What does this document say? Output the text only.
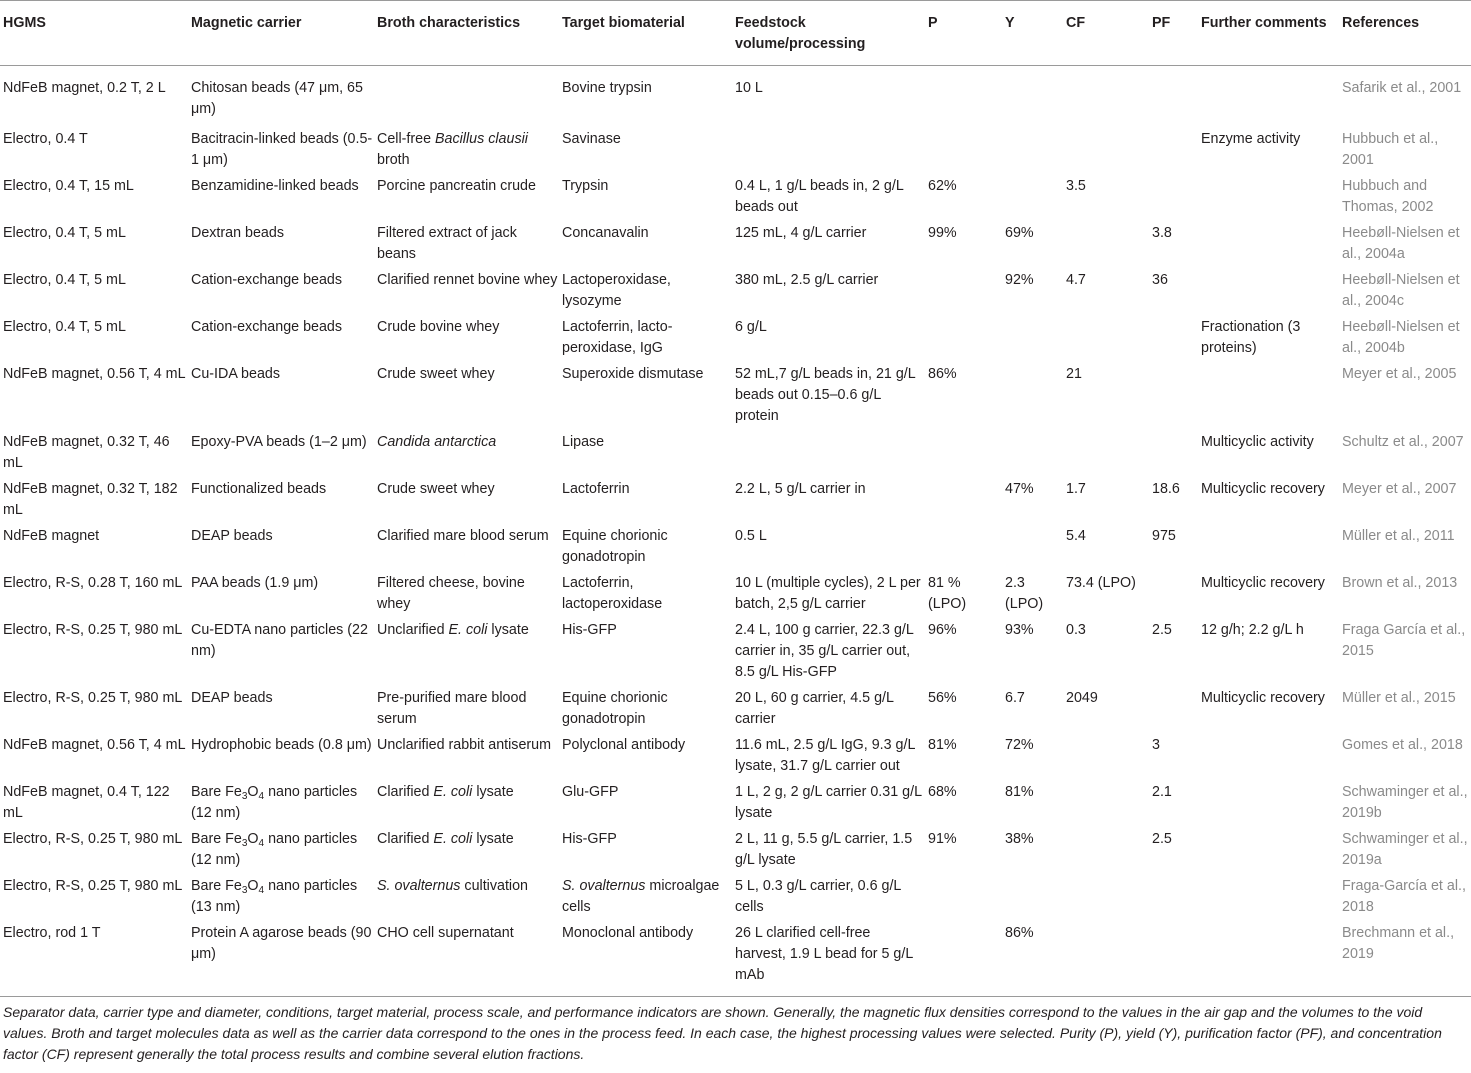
HGMS	Magnetic carrier	Broth characteristics	Target biomaterial	Feedstock volume/processing	P	Y	CF	PF	Further comments	References
NdFeB magnet, 0.2 T, 2 L	Chitosan beads (47 μm, 65 μm)		Bovine trypsin	10 L						Safarik et al., 2001
Electro, 0.4 T	Bacitracin-linked beads (0.5-1 μm)	Cell-free Bacillus clausii broth	Savinase						Enzyme activity	Hubbuch et al., 2001
Electro, 0.4 T, 15 mL	Benzamidine-linked beads	Porcine pancreatin crude	Trypsin	0.4 L, 1 g/L beads in, 2 g/L beads out	62%		3.5			Hubbuch and Thomas, 2002
Electro, 0.4 T, 5 mL	Dextran beads	Filtered extract of jack beans	Concanavalin	125 mL, 4 g/L carrier	99%	69%		3.8		Heebøll-Nielsen et al., 2004a
Electro, 0.4 T, 5 mL	Cation-exchange beads	Clarified rennet bovine whey	Lactoperoxidase, lysozyme	380 mL, 2.5 g/L carrier		92%	4.7	36		Heebøll-Nielsen et al., 2004c
Electro, 0.4 T, 5 mL	Cation-exchange beads	Crude bovine whey	Lactoferrin, lacto-peroxidase, IgG	6 g/L					Fractionation (3 proteins)	Heebøll-Nielsen et al., 2004b
NdFeB magnet, 0.56 T, 4 mL	Cu-IDA beads	Crude sweet whey	Superoxide dismutase	52 mL,7 g/L beads in, 21 g/L beads out 0.15–0.6 g/L protein	86%		21			Meyer et al., 2005
NdFeB magnet, 0.32 T, 46 mL	Epoxy-PVA beads (1–2 μm)	Candida antarctica	Lipase						Multicyclic activity	Schultz et al., 2007
NdFeB magnet, 0.32 T, 182 mL	Functionalized beads	Crude sweet whey	Lactoferrin	2.2 L, 5 g/L carrier in		47%	1.7	18.6	Multicyclic recovery	Meyer et al., 2007
NdFeB magnet	DEAP beads	Clarified mare blood serum	Equine chorionic gonadotropin	0.5 L			5.4	975		Müller et al., 2011
Electro, R-S, 0.28 T, 160 mL	PAA beads (1.9 μm)	Filtered cheese, bovine whey	Lactoferrin, lactoperoxidase	10 L (multiple cycles), 2 L per batch, 2,5 g/L carrier	81 % (LPO)	2.3 (LPO)	73.4 (LPO)		Multicyclic recovery	Brown et al., 2013
Electro, R-S, 0.25 T, 980 mL	Cu-EDTA nano particles (22 nm)	Unclarified E. coli lysate	His-GFP	2.4 L, 100 g carrier, 22.3 g/L carrier in, 35 g/L carrier out, 8.5 g/L His-GFP	96%	93%	0.3	2.5	12 g/h; 2.2 g/L h	Fraga García et al., 2015
Electro, R-S, 0.25 T, 980 mL	DEAP beads	Pre-purified mare blood serum	Equine chorionic gonadotropin	20 L, 60 g carrier, 4.5 g/L carrier	56%	6.7	2049		Multicyclic recovery	Müller et al., 2015
NdFeB magnet, 0.56 T, 4 mL	Hydrophobic beads (0.8 μm)	Unclarified rabbit antiserum	Polyclonal antibody	11.6 mL, 2.5 g/L IgG, 9.3 g/L lysate, 31.7 g/L carrier out	81%	72%		3		Gomes et al., 2018
NdFeB magnet, 0.4 T, 122 mL	Bare $Fe_3O_4$ nano particles (12 nm)	Clarified E. coli lysate	Glu-GFP	1 L, 2 g, 2 g/L carrier 0.31 g/L lysate	68%	81%		2.1		Schwaminger et al., 2019b
Electro, R-S, 0.25 T, 980 mL	Bare $Fe_3O_4$ nano particles (12 nm)	Clarified E. coli lysate	His-GFP	2 L, 11 g, 5.5 g/L carrier, 1.5 g/L lysate	91%	38%		2.5		Schwaminger et al., 2019a
Electro, R-S, 0.25 T, 980 mL	Bare $Fe_3O_4$ nano particles (13 nm)	S. ovalternus cultivation	S. ovalternus microalgae cells	5 L, 0.3 g/L carrier, 0.6 g/L cells						Fraga-García et al., 2018
Electro, rod 1 T	Protein A agarose beads (90 μm)	CHO cell supernatant	Monoclonal antibody	26 L clarified cell-free harvest, 1.9 L bead for 5 g/L mAb		86%				Brechmann et al., 2019
Separator data, carrier type and diameter, conditions, target material, process scale, and performance indicators are shown. Generally, the magnetic flux densities correspond to the values in the air gap and the volumes to the void values. Broth and target molecules data as well as the carrier data correspond to the ones in the process feed. In each case, the highest processing values were selected. Purity (P), yield (Y), purification factor (PF), and concentration factor (CF) represent generally the total process results and combine several elution fractions.
